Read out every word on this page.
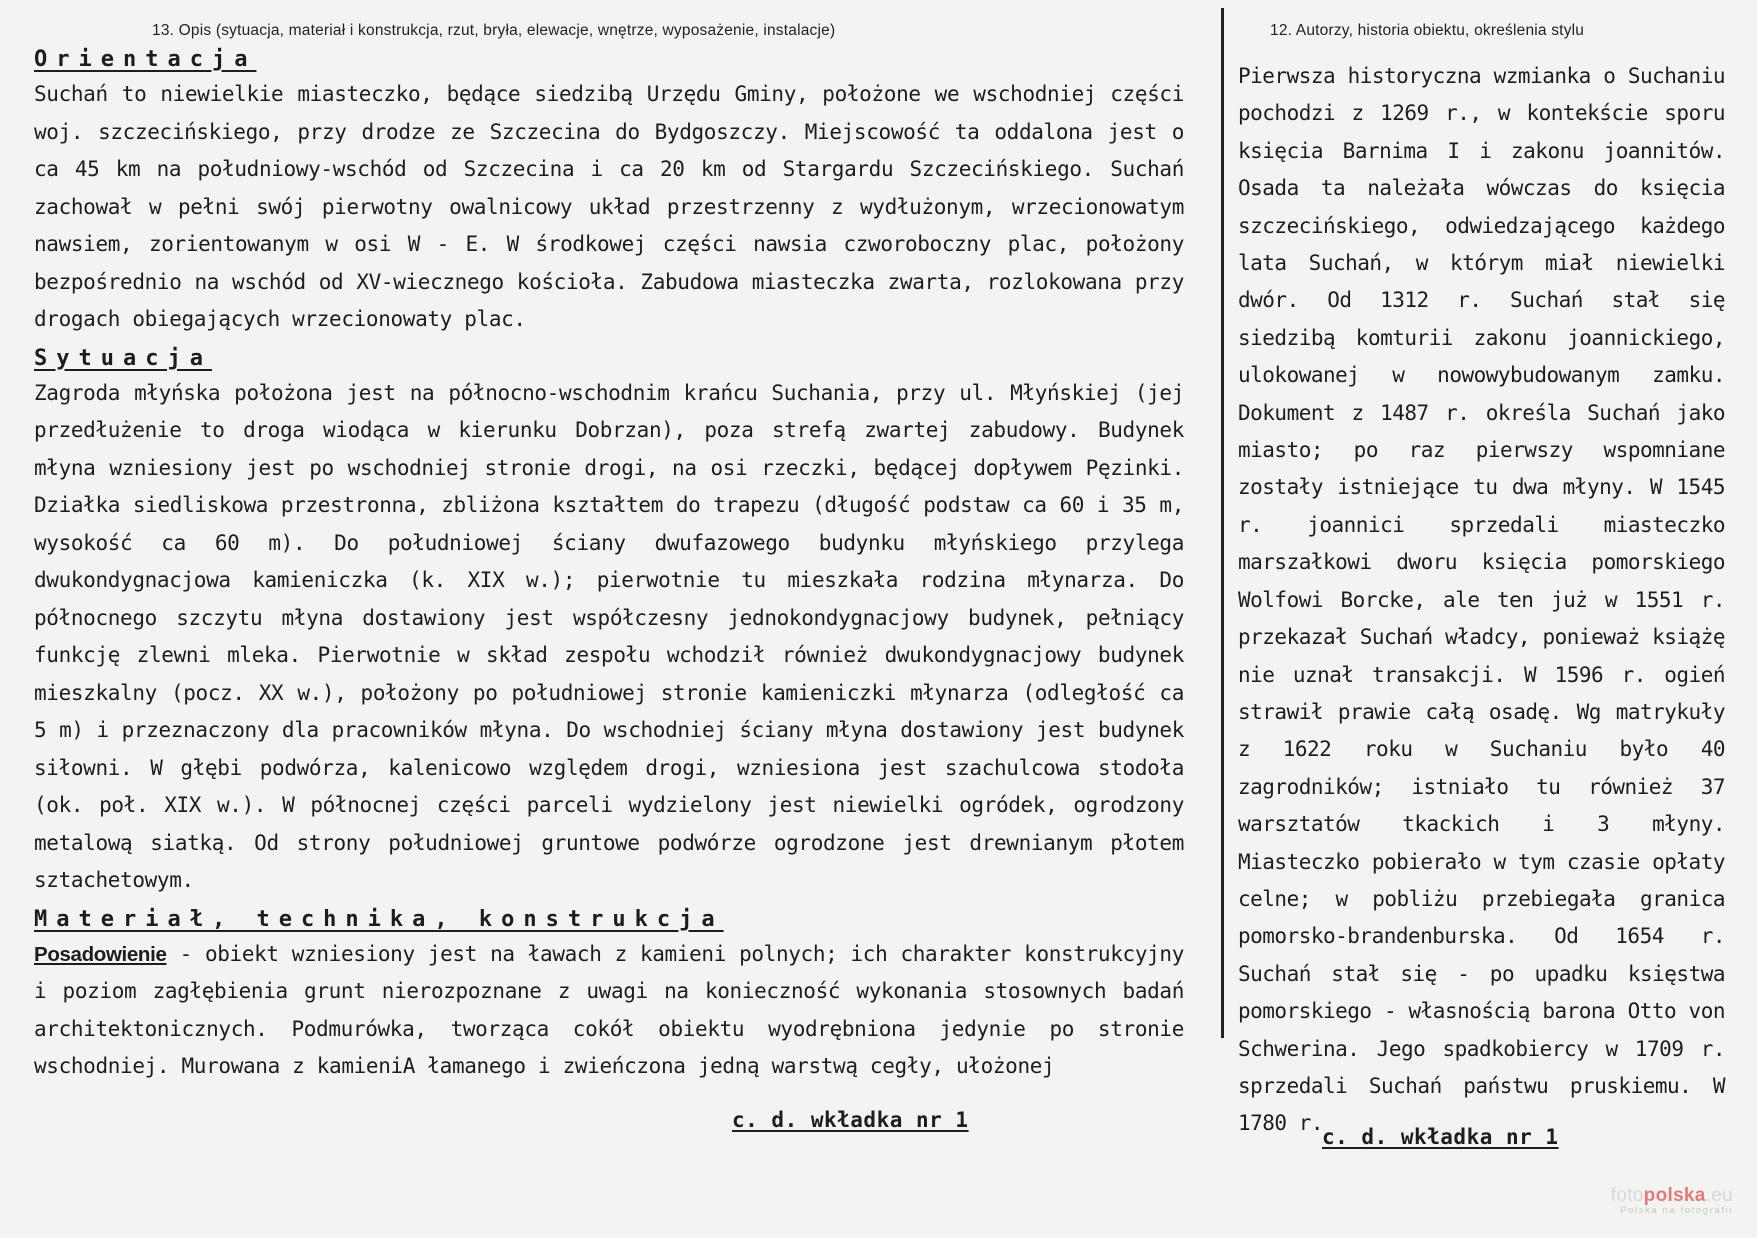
13. Opis (sytuacja, materiał i konstrukcja, rzut, bryła, elewacje, wnętrze, wyposażenie, instalacje)
Orientacja

Suchań to niewielkie miasteczko, będące siedzibą Urzędu Gminy, położone we wschodniej części woj. szczecińskiego, przy drodze ze Szczecina do Bydgoszczy. Miejscowość ta oddalona jest o ca 45 km na południowy-wschód od Szczecina i ca 20 km od Stargardu Szczecińskiego. Suchań zachował w pełni swój pierwotny owalnicowy układ przestrzenny z wydłużonym, wrzecionowatym nawsiem, zorientowanym w osi W - E. W środkowej części nawsia czworoboczny plac, położony bezpośrednio na wschód od XV-wiecznego kościoła. Zabudowa miasteczka zwarta, rozlokowana przy drogach obiegających wrzecionowaty plac.

Sytuacja

Zagroda młyńska położona jest na północno-wschodnim krańcu Suchania, przy ul. Młyńskiej (jej przedłużenie to droga wiodąca w kierunku Dobrzan), poza strefą zwartej zabudowy. Budynek młyna wzniesiony jest po wschodniej stronie drogi, na osi rzeczki, będącej dopływem Pęzinki. Działka siedliskowa przestronna, zbliżona kształtem do trapezu (długość podstaw ca 60 i 35 m, wysokość ca 60 m). Do południowej ściany dwufazowego budynku młyńskiego przylega dwukondygnacjowa kamieniczka (k. XIX w.); pierwotnie tu mieszkała rodzina młynarza. Do północnego szczytu młyna dostawiony jest współczesny jednokondygnacjowy budynek, pełniący funkcję zlewni mleka. Pierwotnie w skład zespołu wchodził również dwukondygnacjowy budynek mieszkalny (pocz. XX w.), położony po południowej stronie kamieniczki młynarza (odległość ca 5 m) i przeznaczony dla pracowników młyna. Do wschodniej ściany młyna dostawiony jest budynek siłowni. W głębi podwórza, kalenicowo względem drogi, wzniesiona jest szachulcowa stodoła (ok. poł. XIX w.). W północnej części parceli wydzielony jest niewielki ogródek, ogrodzony metalową siatką. Od strony południowej gruntowe podwórze ogrodzone jest drewnianym płotem sztachetowym.

Materiał, technika, konstrukcja

Posadowienie - obiekt wzniesiony jest na ławach z kamieni polnych; ich charakter konstrukcyjny i poziom zagłębienia grunt nierozpoznane z uwagi na konieczność wykonania stosownych badań architektonicznych. Podmurówka, tworząca cokół obiektu wyodrębniona jedynie po stronie wschodniej. Murowana z kamieniA łamanego i zwieńczona jedną warstwą cegły, ułożonej

c. d. wkładka nr 1
12. Autorzy, historia obiektu, określenia stylu

Pierwsza historyczna wzmianka o Suchaniu pochodzi z 1269 r., w kontekście sporu księcia Barnima I i zakonu joannitów. Osada ta należała wówczas do księcia szczecińskiego, odwiedzającego każdego lata Suchań, w którym miał niewielki dwór. Od 1312 r. Suchań stał się siedzibą komturii zakonu joannickiego, ulokowanej w nowowybudowanym zamku. Dokument z 1487 r. określa Suchań jako miasto; po raz pierwszy wspomniane zostały istniejące tu dwa młyny. W 1545 r. joannici sprzedali miasteczko marszałkowi dworu księcia pomorskiego Wolfowi Borcke, ale ten już w 1551 r. przekazał Suchań władcy, ponieważ książę nie uznał transakcji. W 1596 r. ogień strawił prawie całą osadę. Wg matrykuły z 1622 roku w Suchaniu było 40 zagrodników; istniało tu również 37 warsztatów tkackich i 3 młyny. Miasteczko pobierało w tym czasie opłaty celne; w pobliżu przebiegała granica pomorsko-brandenburska. Od 1654 r. Suchań stał się - po upadku księstwa pomorskiego - własnością barona Otto von Schwerina. Jego spadkobiercy w 1709 r. sprzedali Suchań państwu pruskiemu. W 1780 r.

c. d. wkładka nr 1
fotopolska.eu
Polska na fotografii
